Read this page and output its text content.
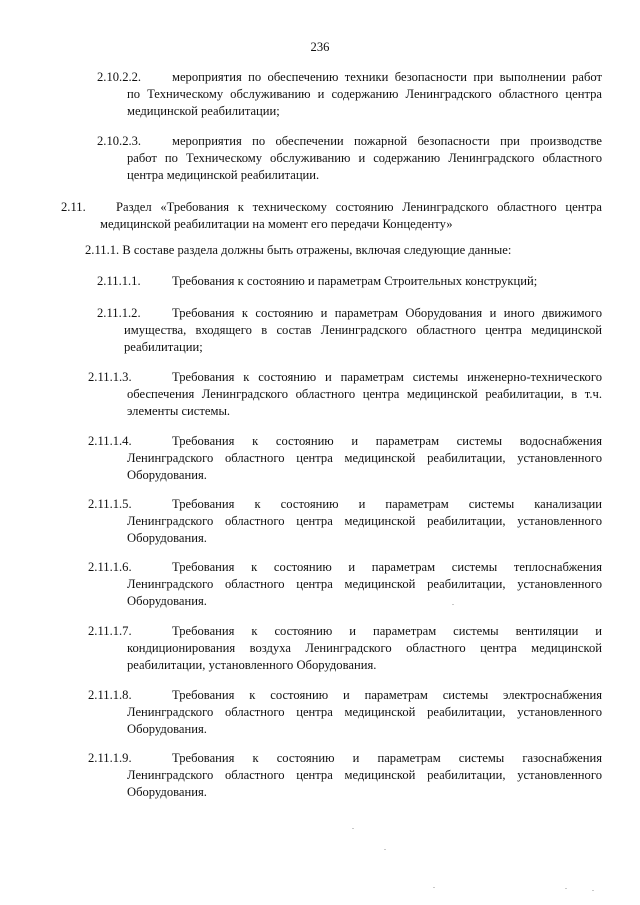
236
2.10.2.2. мероприятия по обеспечению техники безопасности при выполнении работ
по Техническому обслуживанию и содержанию Ленинградского областного центра медицинской реабилитации;
2.10.2.3. мероприятия по обеспечении пожарной безопасности при производстве
работ по Техническому обслуживанию и содержанию Ленинградского областного центра медицинской реабилитации.
2.11. Раздел «Требования к техническому состоянию Ленинградского областного центра
медицинской реабилитации на момент его передачи Концеденту»
2.11.1. В составе раздела должны быть отражены, включая следующие данные:
2.11.1.1. Требования к состоянию и параметрам Строительных конструкций;
2.11.1.2. Требования к состоянию и параметрам Оборудования и иного движимого
имущества, входящего в состав Ленинградского областного центра медицинской реабилитации;
2.11.1.3.	Требования к состоянию и параметрам системы инженерно-технического
обеспечения Ленинградского областного центра медицинской реабилитации, в т.ч. элементы системы.
2.11.1.4.	Требования к состоянию и параметрам системы водоснабжения
Ленинградского областного центра медицинской реабилитации, установленного Оборудования.
2.11.1.5.	Требования к состоянию и параметрам системы канализации
Ленинградского областного центра медицинской реабилитации, установленного Оборудования.
2.11.1.6.	Требования к состоянию и параметрам системы теплоснабжения
Ленинградского областного центра медицинской реабилитации, установленного Оборудования.
2.11.1.7.	Требования к состоянию и параметрам системы вентиляции и
кондиционирования воздуха Ленинградского областного центра медицинской реабилитации, установленного Оборудования.
2.11.1.8.	Требования к состоянию и параметрам системы электроснабжения
Ленинградского областного центра медицинской реабилитации, установленного Оборудования.
2.11.1.9.	Требования к состоянию и параметрам системы газоснабжения
Ленинградского областного центра медицинской реабилитации, установленного Оборудования.
